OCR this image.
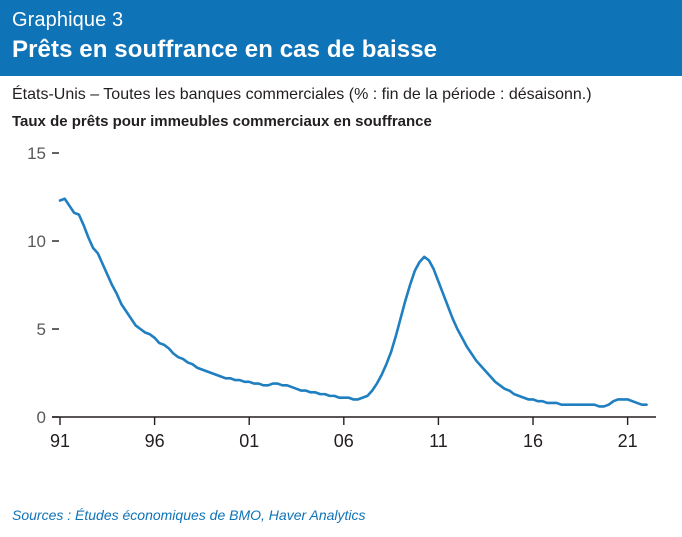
Graphique 3
Prêts en souffrance en cas de baisse
États-Unis – Toutes les banques commerciales (% : fin de la période : désaisonn.)
Taux de prêts pour immeubles commerciaux en souffrance
0
5
10
15
91	96	01	06	11	16	21
Sources : Études économiques de BMO, Haver Analytics
